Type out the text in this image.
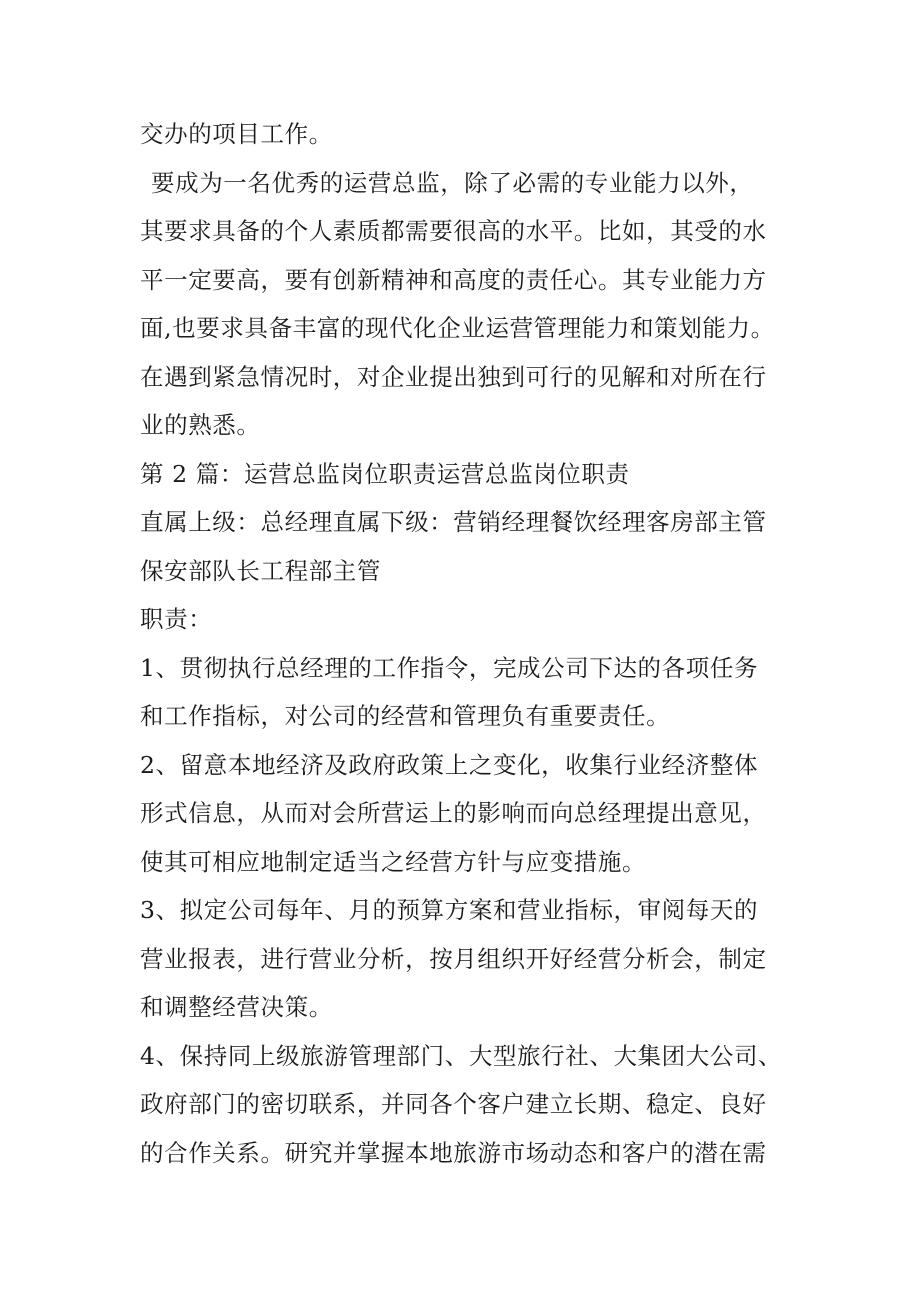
交办的项目工作。
要成为一名优秀的运营总监，除了必需的专业能力以外，
其要求具备的个人素质都需要很高的水平。比如，其受的水
平一定要高，要有创新精神和高度的责任心。其专业能力方
面,也要求具备丰富的现代化企业运营管理能力和策划能力。
在遇到紧急情况时，对企业提出独到可行的见解和对所在行
业的熟悉。
第 2 篇：运营总监岗位职责运营总监岗位职责
直属上级：总经理直属下级：营销经理餐饮经理客房部主管
保安部队长工程部主管
职责：
1、贯彻执行总经理的工作指令，完成公司下达的各项任务
和工作指标，对公司的经营和管理负有重要责任。
2、留意本地经济及政府政策上之变化，收集行业经济整体
形式信息，从而对会所营运上的影响而向总经理提出意见，
使其可相应地制定适当之经营方针与应变措施。
3、拟定公司每年、月的预算方案和营业指标，审阅每天的
营业报表，进行营业分析，按月组织开好经营分析会，制定
和调整经营决策。
4、保持同上级旅游管理部门、大型旅行社、大集团大公司、
政府部门的密切联系，并同各个客户建立长期、稳定、良好
的合作关系。研究并掌握本地旅游市场动态和客户的潜在需
